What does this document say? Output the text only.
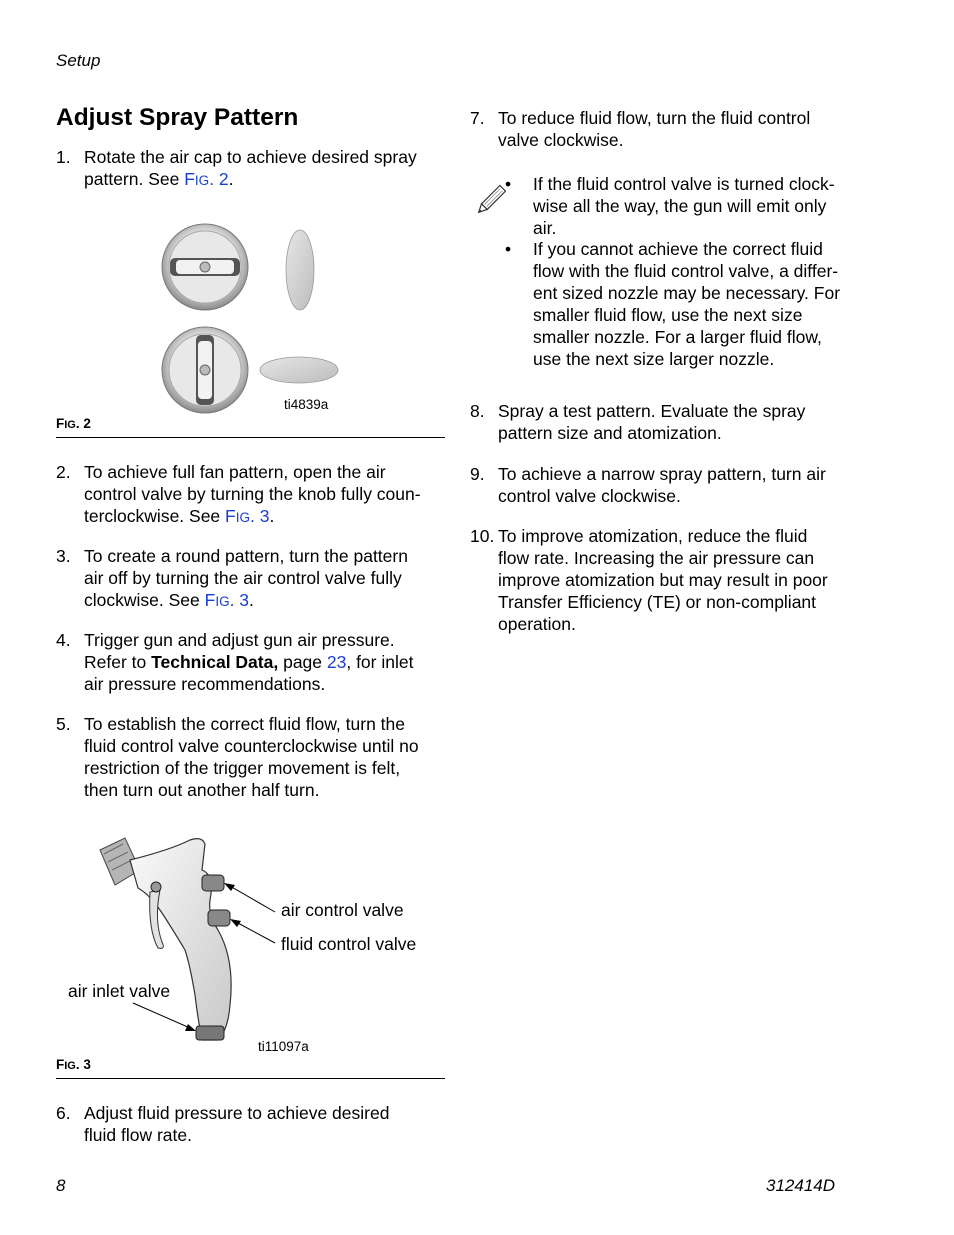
Setup
Adjust Spray Pattern
1. Rotate the air cap to achieve desired spray
pattern. See FIG. 2.
ti4839a
FIG. 2
2. To achieve full fan pattern, open the air
control valve by turning the knob fully coun-
terclockwise. See FIG. 3.
3. To create a round pattern, turn the pattern
air off by turning the air control valve fully
clockwise. See FIG. 3.
4. Trigger gun and adjust gun air pressure.
Refer to Technical Data, page 23, for inlet
air pressure recommendations.
5. To establish the correct fluid flow, turn the
fluid control valve counterclockwise until no
restriction of the trigger movement is felt,
then turn out another half turn.
air control valve
fluid control valve
air inlet valve
ti11097a
FIG. 3
6. Adjust fluid pressure to achieve desired
fluid flow rate.
7. To reduce fluid flow, turn the fluid control
valve clockwise.
• If the fluid control valve is turned clock-
wise all the way, the gun will emit only
air.
• If you cannot achieve the correct fluid
flow with the fluid control valve, a differ-
ent sized nozzle may be necessary. For
smaller fluid flow, use the next size
smaller nozzle. For a larger fluid flow,
use the next size larger nozzle.
8. Spray a test pattern. Evaluate the spray
pattern size and atomization.
9. To achieve a narrow spray pattern, turn air
control valve clockwise.
10. To improve atomization, reduce the fluid
flow rate. Increasing the air pressure can
improve atomization but may result in poor
Transfer Efficiency (TE) or non-compliant
operation.
8	312414D
